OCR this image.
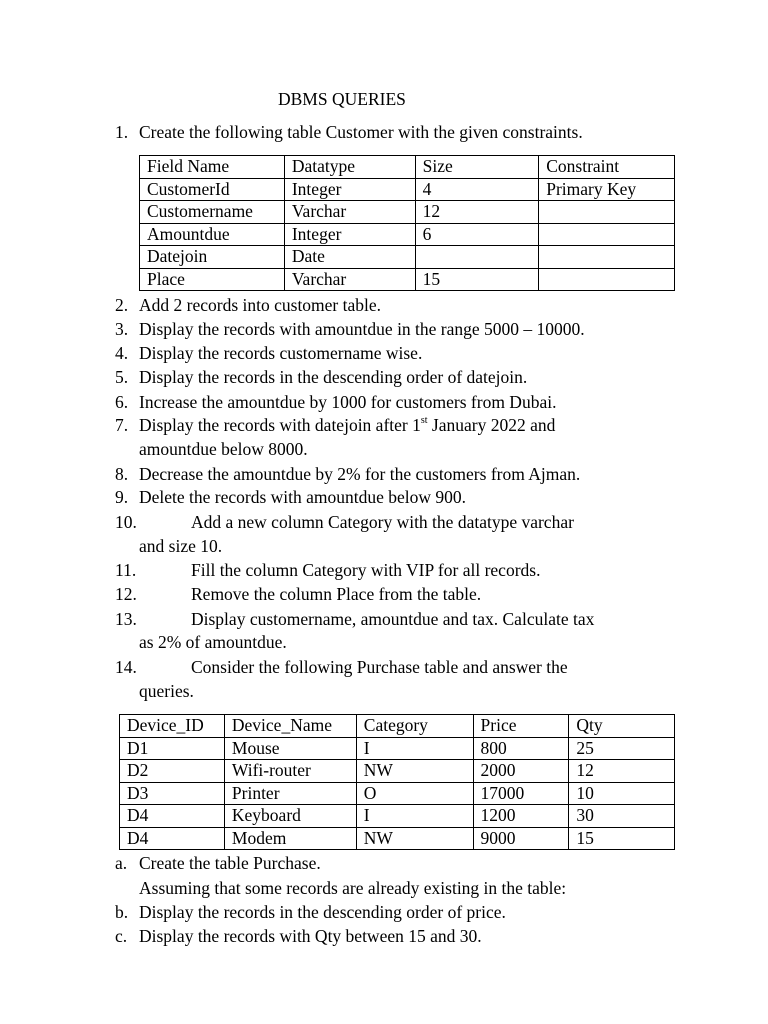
DBMS QUERIES
1. Create the following table Customer with the given constraints.
Field Name	Datatype	Size	Constraint
CustomerId	Integer	4	Primary Key
Customername	Varchar	12	
Amountdue	Integer	6	
Datejoin	Date		
Place	Varchar	15	
2. Add 2 records into customer table.
3. Display the records with amountdue in the range 5000 – 10000.
4. Display the records customername wise.
5. Display the records in the descending order of datejoin.
6. Increase the amountdue by 1000 for customers from Dubai.
7. Display the records with datejoin after 1st January 2022 and
amountdue below 8000.
8. Decrease the amountdue by 2% for the customers from Ajman.
9. Delete the records with amountdue below 900.
10.	Add a new column Category with the datatype varchar
and size 10.
11.	Fill the column Category with VIP for all records.
12.	Remove the column Place from the table.
13.	Display customername, amountdue and tax. Calculate tax
as 2% of amountdue.
14.	Consider the following Purchase table and answer the
queries.
Device_ID	Device_Name	Category	Price	Qty
D1	Mouse	I	800	25
D2	Wifi-router	NW	2000	12
D3	Printer	O	17000	10
D4	Keyboard	I	1200	30
D4	Modem	NW	9000	15
a. Create the table Purchase.
Assuming that some records are already existing in the table:
b. Display the records in the descending order of price.
c. Display the records with Qty between 15 and 30.
